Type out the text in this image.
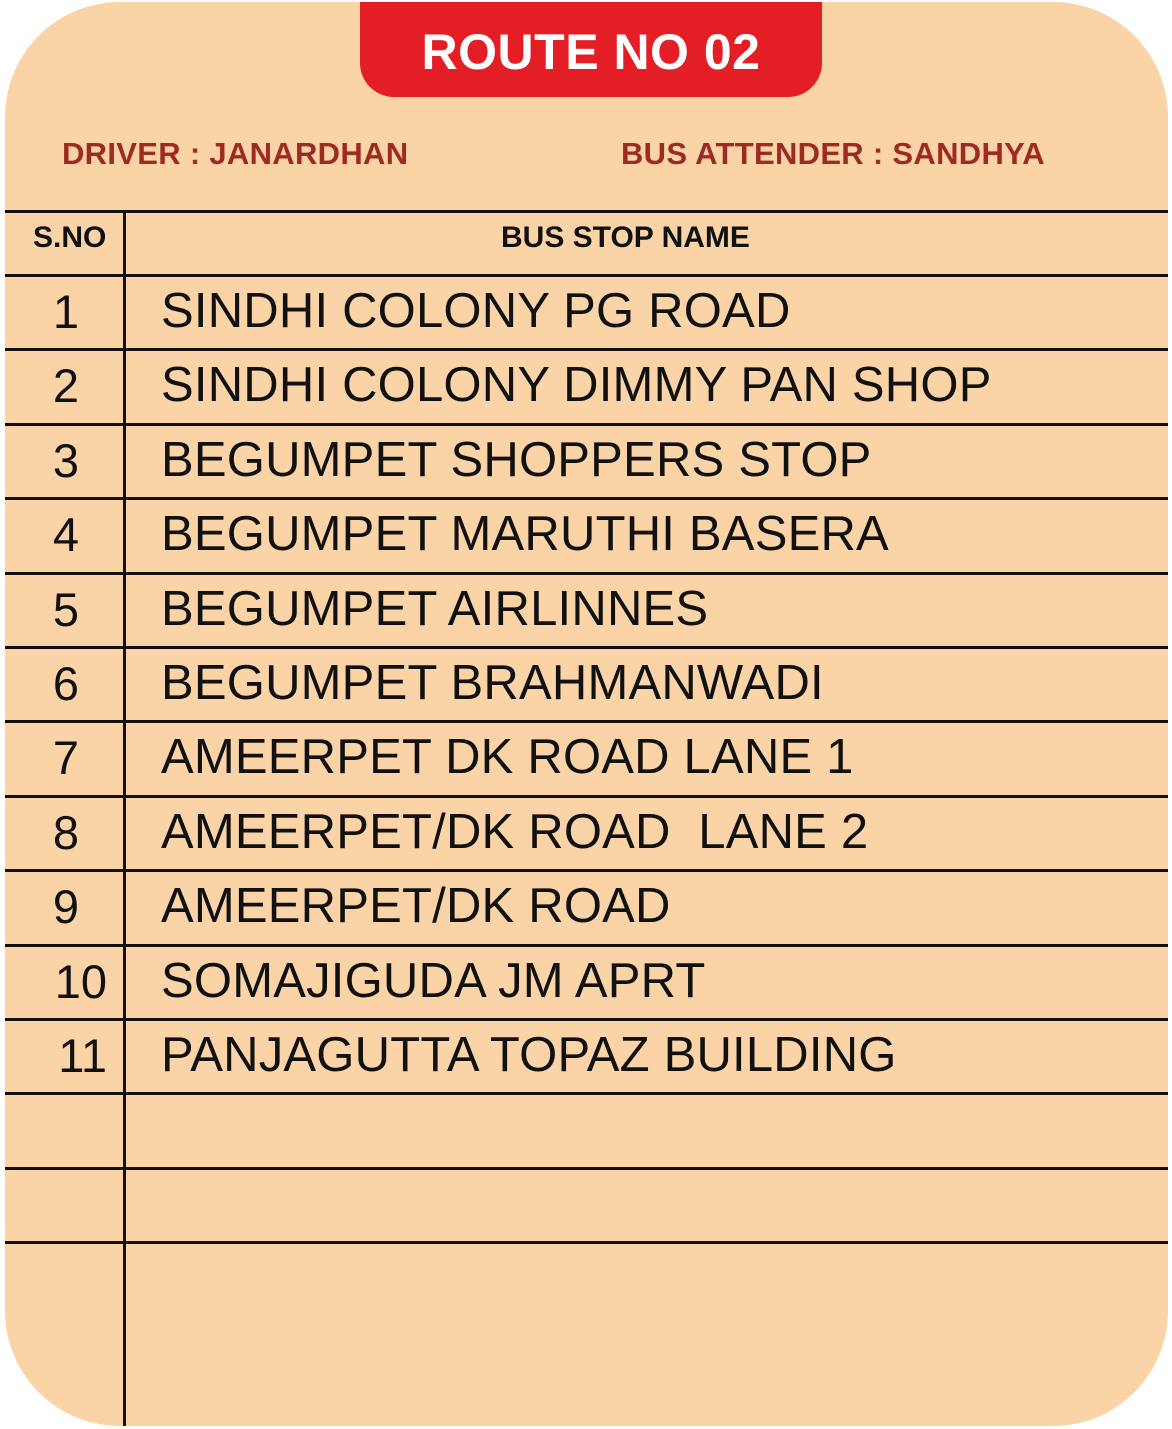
ROUTE NO 02
DRIVER : JANARDHAN	BUS ATTENDER : SANDHYA
S.NO	BUS STOP NAME
1 SINDHI COLONY PG ROAD
2 SINDHI COLONY DIMMY PAN SHOP
3 BEGUMPET SHOPPERS STOP
4 BEGUMPET MARUTHI BASERA
5 BEGUMPET AIRLINNES
6 BEGUMPET BRAHMANWADI
7 AMEERPET DK ROAD LANE 1
8 AMEERPET/DK ROAD  LANE 2
9 AMEERPET/DK ROAD
10 SOMAJIGUDA JM APRT
11 PANJAGUTTA TOPAZ BUILDING
